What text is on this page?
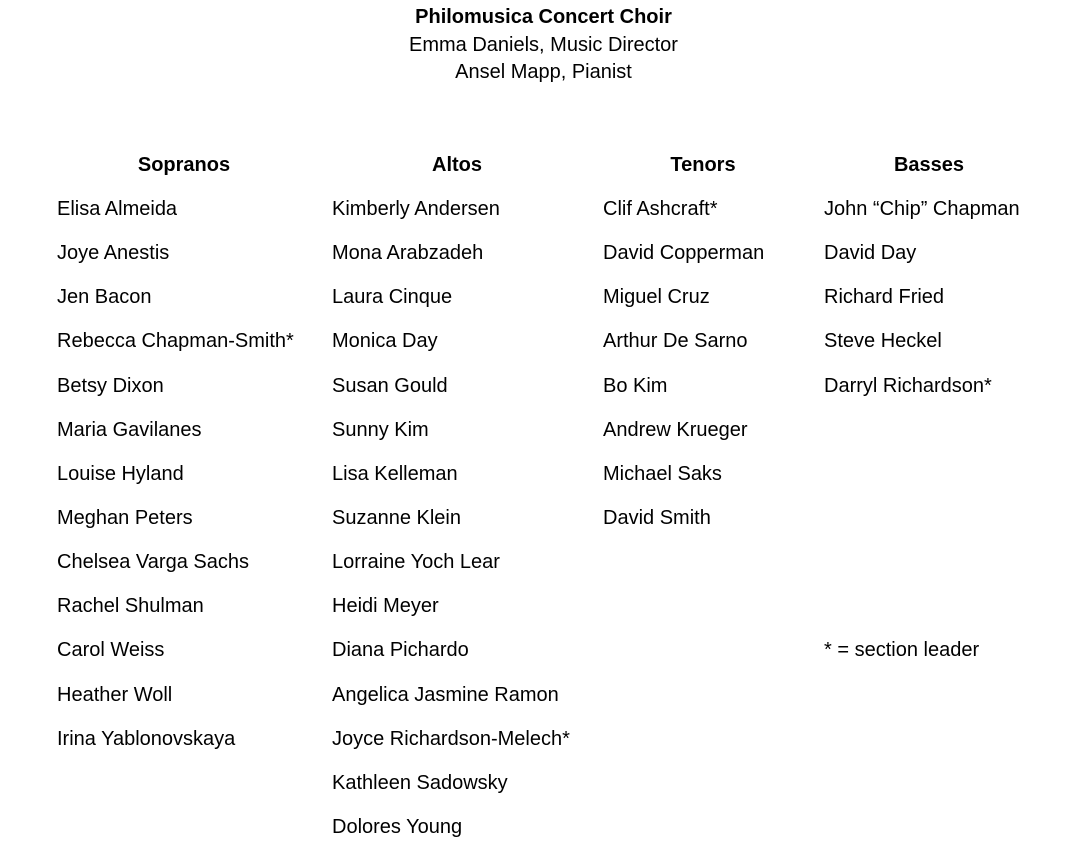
Philomusica Concert Choir
Emma Daniels, Music Director
Ansel Mapp, Pianist
Sopranos
Elisa Almeida
Joye Anestis
Jen Bacon
Rebecca Chapman-Smith*
Betsy Dixon
Maria Gavilanes
Louise Hyland
Meghan Peters
Chelsea Varga Sachs
Rachel Shulman
Carol Weiss
Heather Woll
Irina Yablonovskaya
Altos
Kimberly Andersen
Mona Arabzadeh
Laura Cinque
Monica Day
Susan Gould
Sunny Kim
Lisa Kelleman
Suzanne Klein
Lorraine Yoch Lear
Heidi Meyer
Diana Pichardo
Angelica Jasmine Ramon
Joyce Richardson-Melech*
Kathleen Sadowsky
Dolores Young
Tenors
Clif Ashcraft*
David Copperman
Miguel Cruz
Arthur De Sarno
Bo Kim
Andrew Krueger
Michael Saks
David Smith
Basses
John “Chip” Chapman
David Day
Richard Fried
Steve Heckel
Darryl Richardson*
* = section leader
